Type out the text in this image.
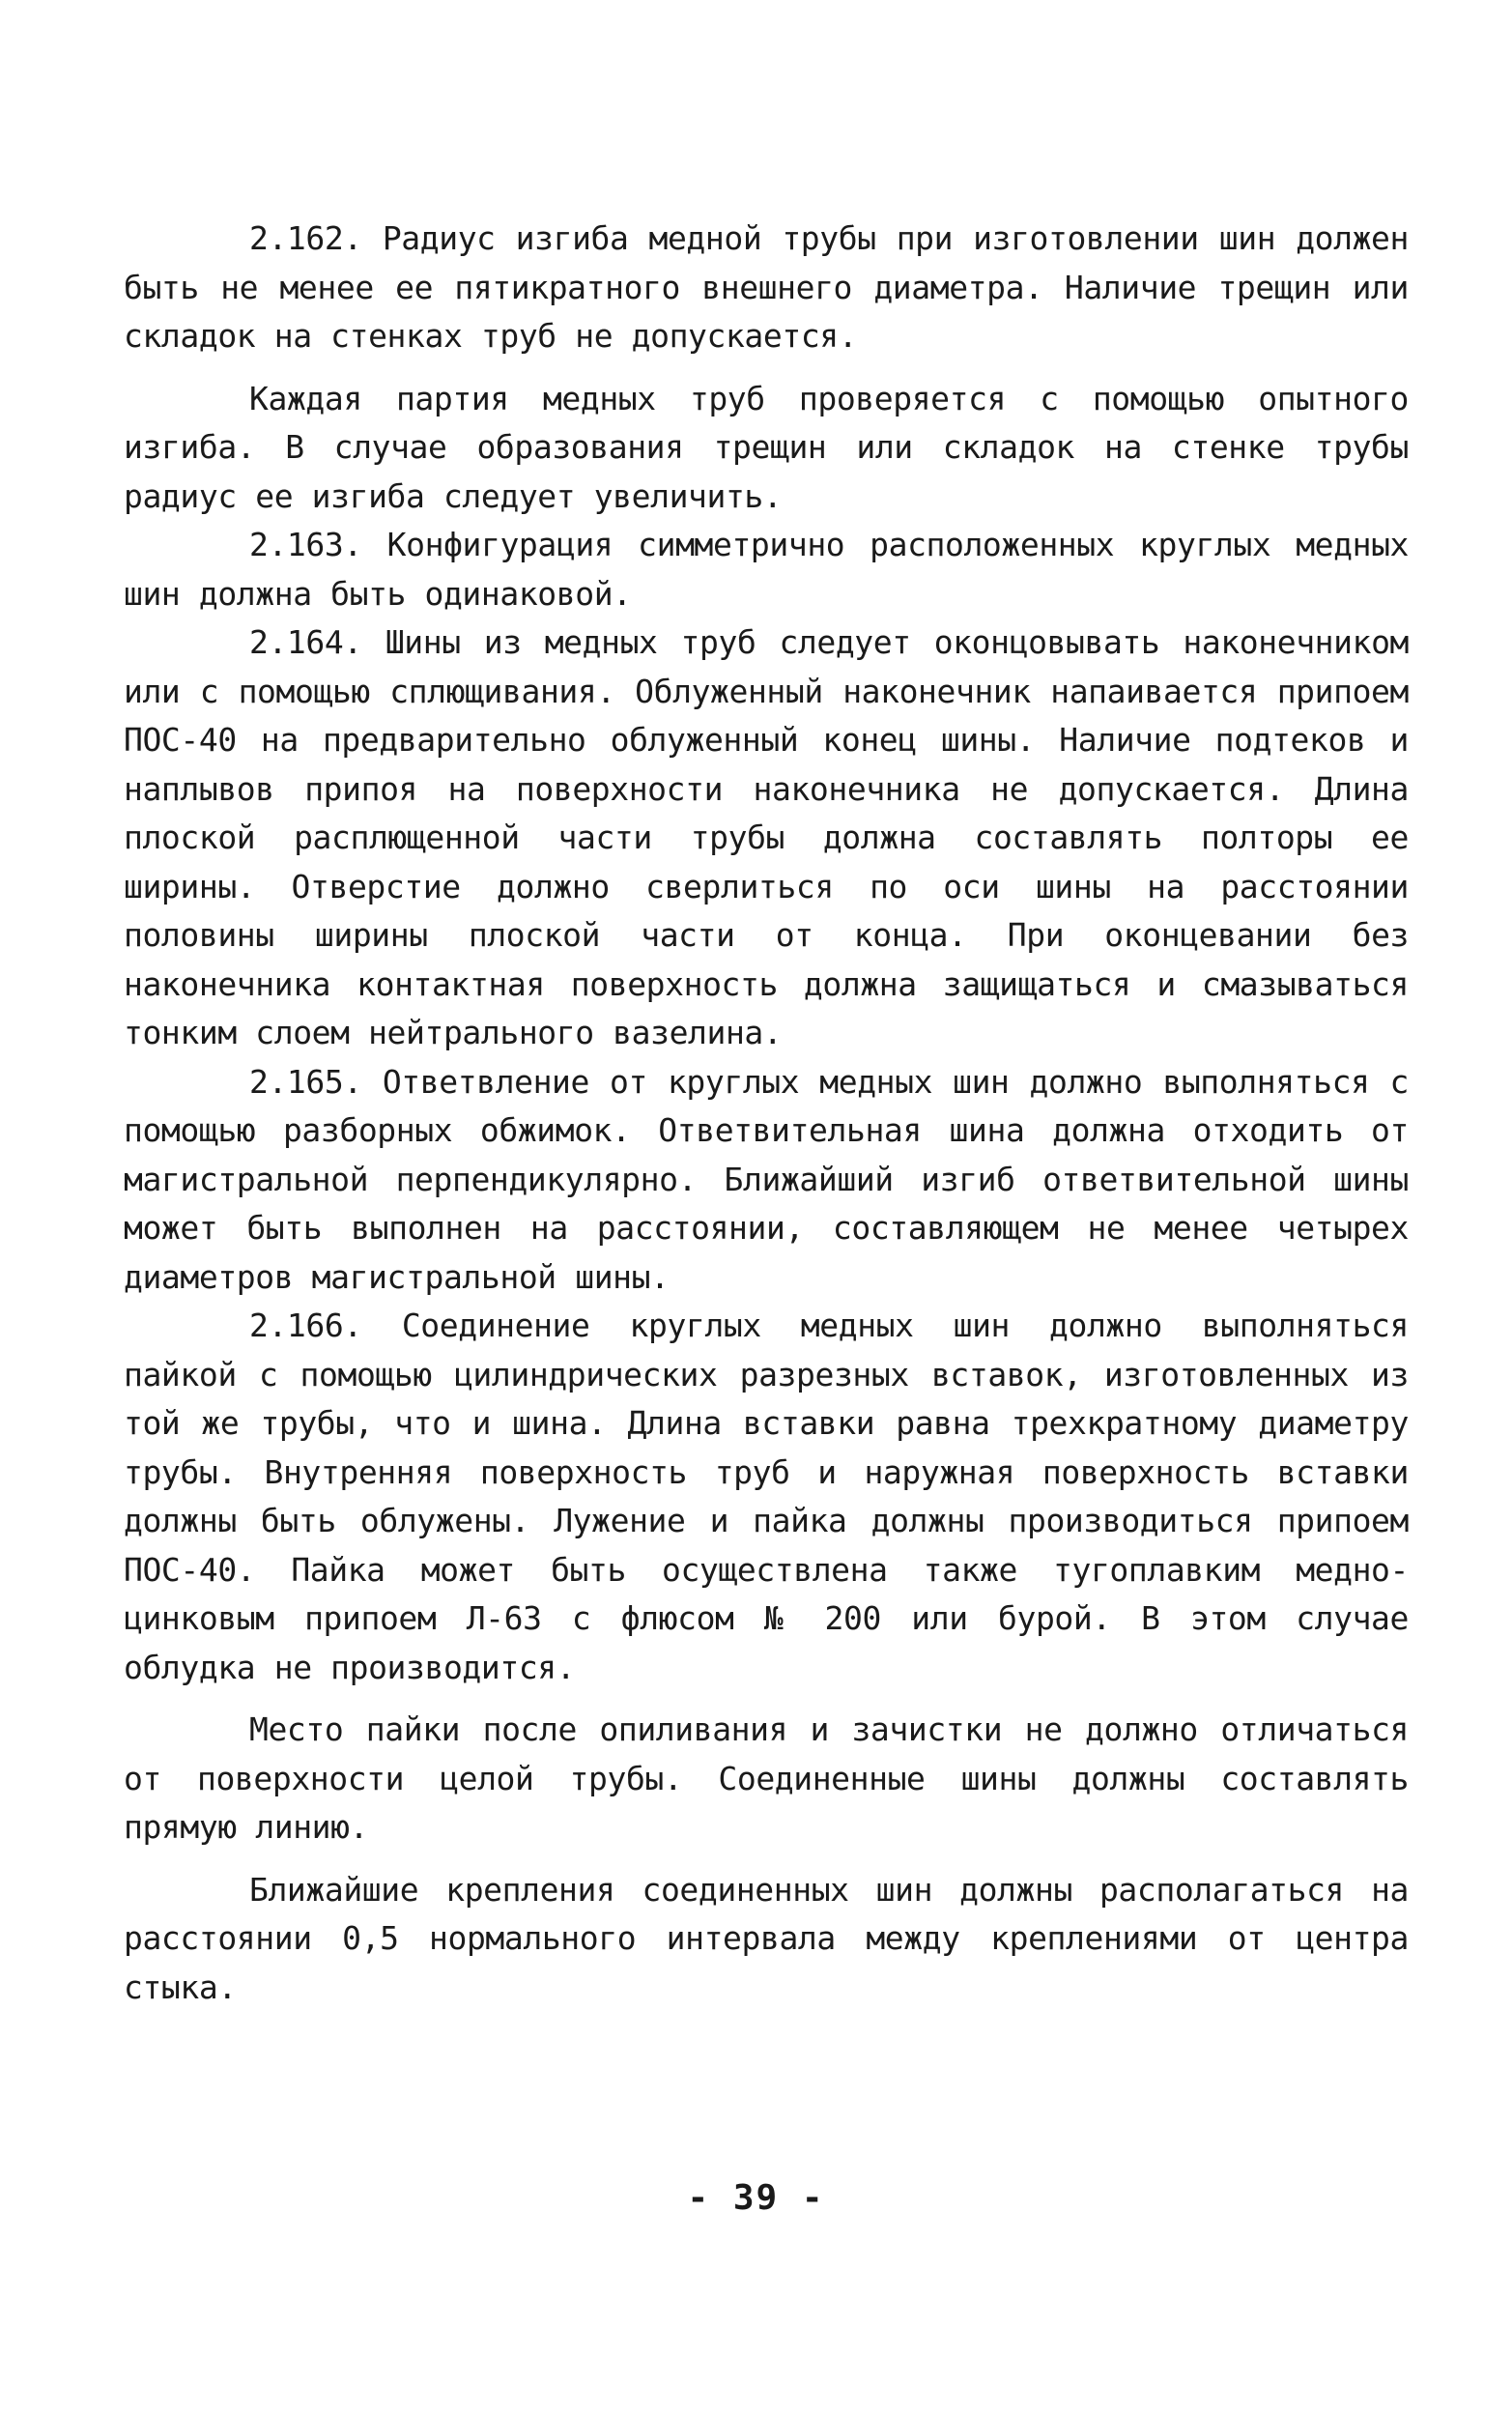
2.162. Радиус изгиба медной трубы при изготовлении шин должен быть не менее ее пятикратного внешнего диаметра. Наличие трещин или складок на стенках труб не допускается.

Каждая партия медных труб проверяется с помощью опытного изгиба. В случае образования трещин или складок на стенке трубы радиус ее изгиба следует увеличить.

2.163. Конфигурация симметрично расположенных круглых медных шин должна быть одинаковой.

2.164. Шины из медных труб следует оконцовывать наконечником или с помощью сплющивания. Облуженный наконечник напаивается припоем ПОС-40 на предварительно облуженный конец шины. Наличие подтеков и наплывов припоя на поверхности наконечника не допускается. Длина плоской расплющенной части трубы должна составлять полторы ее ширины. Отверстие должно сверлиться по оси шины на расстоянии половины ширины плоской части от конца. При оконцевании без наконечника контактная поверхность должна защищаться и смазываться тонким слоем нейтрального вазелина.

2.165. Ответвление от круглых медных шин должно выполняться с помощью разборных обжимок. Ответвительная шина должна отходить от магистральной перпендикулярно. Ближайший изгиб ответвительной шины может быть выполнен на расстоянии, составляющем не менее четырех диаметров магистральной шины.

2.166. Соединение круглых медных шин должно выполняться пайкой с помощью цилиндрических разрезных вставок, изготовленных из той же трубы, что и шина. Длина вставки равна трехкратному диаметру трубы. Внутренняя поверхность труб и наружная поверхность вставки должны быть облужены. Лужение и пайка должны производиться припоем ПОС-40. Пайка может быть осуществлена также тугоплавким медно-цинковым припоем Л-63 с флюсом № 200 или бурой. В этом случае облудка не производится.

Место пайки после опиливания и зачистки не должно отличаться от поверхности целой трубы. Соединенные шины должны составлять прямую линию.

Ближайшие крепления соединенных шин должны располагаться на расстоянии 0,5 нормального интервала между креплениями от центра стыка.

- 39 -
